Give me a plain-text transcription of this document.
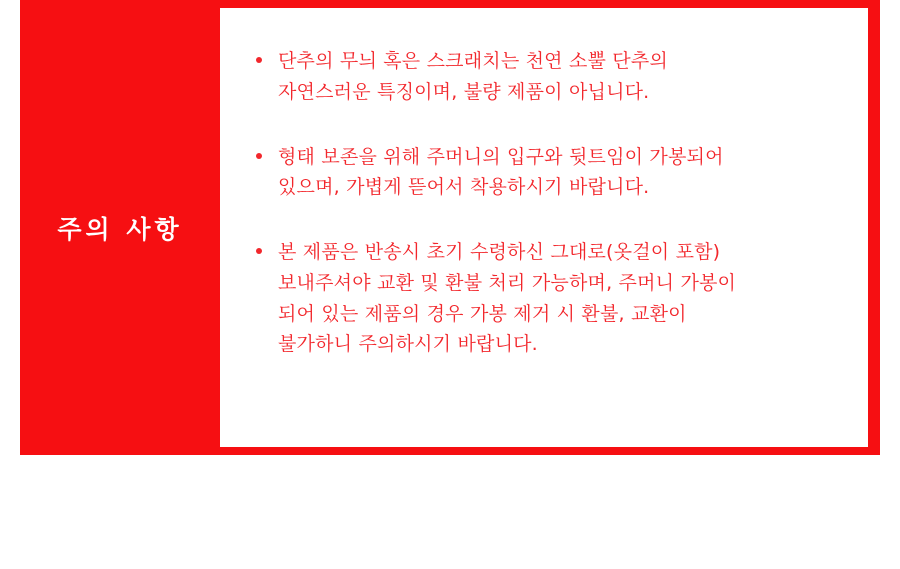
주의 사항
단추의 무늬 혹은 스크래치는 천연 소뿔 단추의
자연스러운 특징이며, 불량 제품이 아닙니다.
형태 보존을 위해 주머니의 입구와 뒷트임이 가봉되어
있으며, 가볍게 뜯어서 착용하시기 바랍니다.
본 제품은 반송시 초기 수령하신 그대로(옷걸이 포함)
보내주셔야 교환 및 환불 처리 가능하며, 주머니 가봉이
되어 있는 제품의 경우 가봉 제거 시 환불, 교환이
불가하니 주의하시기 바랍니다.
